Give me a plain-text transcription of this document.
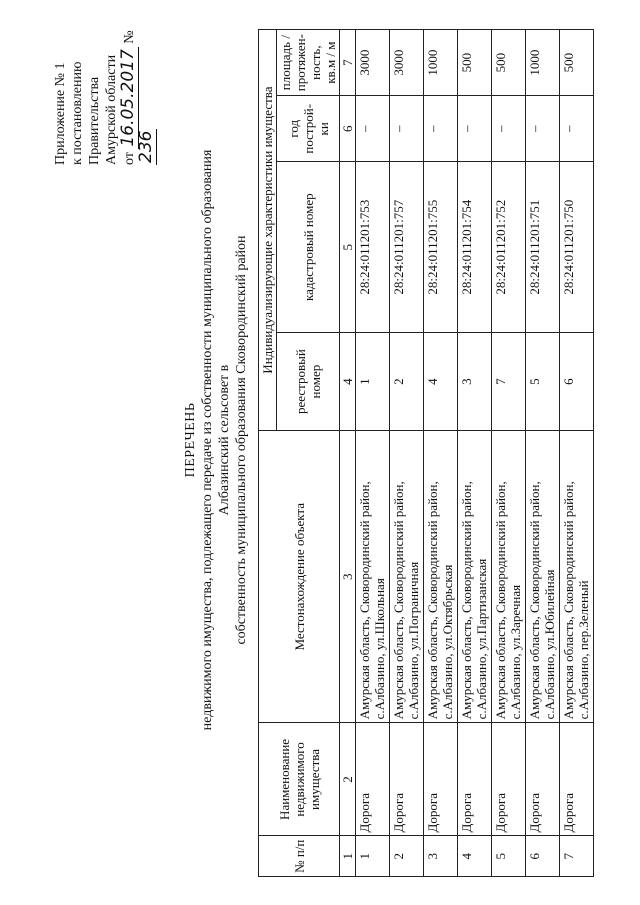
Приложение № 1 к постановлению Правительства Амурской области от 16.05.2017 № 236
ПЕРЕЧЕНЬ недвижимого имущества, подлежащего передаче из собственности муниципального образования Албазинский сельсовет в собственность муниципального образования Сковородинский район
№ п/п	Наименование недвижимого имущества	Местонахождение объекта	Индивидуализирующие характеристики имущества			
			реестровый номер	кадастровый номер	год построй-ки	площадь / протяжен-ность, кв.м / м
1	2	3	4	5	6	7
1	Дорога	Амурская область, Сковородинский район, с.Албазино, ул.Школьная	1	28:24:011201:753	–	3000
2	Дорога	Амурская область, Сковородинский район, с.Албазино, ул.Пограничная	2	28:24:011201:757	–	3000
3	Дорога	Амурская область, Сковородинский район, с.Албазино, ул.Октябрьская	4	28:24:011201:755	–	1000
4	Дорога	Амурская область, Сковородинский район, с.Албазино, ул.Партизанская	3	28:24:011201:754	–	500
5	Дорога	Амурская область, Сковородинский район, с.Албазино, ул.Заречная	7	28:24:011201:752	–	500
6	Дорога	Амурская область, Сковородинский район, с.Албазино, ул.Юбилейная	5	28:24:011201:751	–	1000
7	Дорога	Амурская область, Сковородинский район, с.Албазино, пер.Зеленый	6	28:24:011201:750	–	500
